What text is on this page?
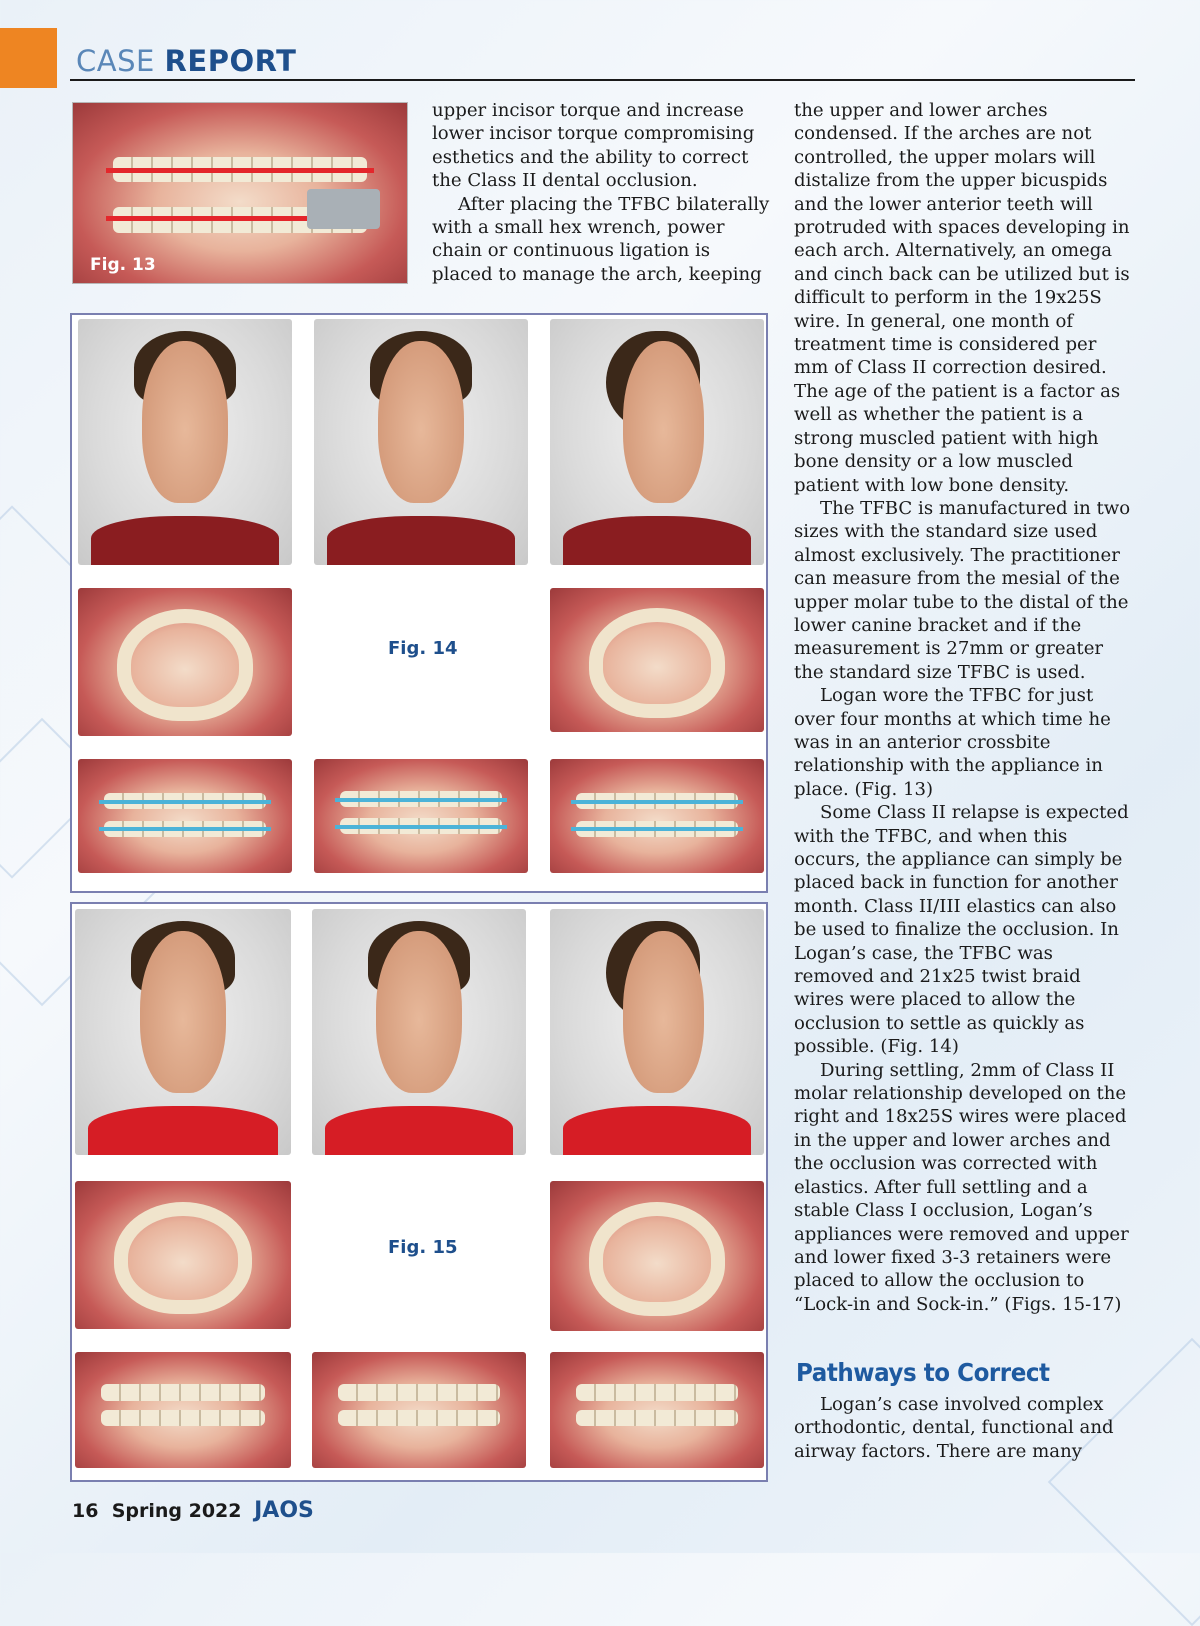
CASE REPORT
Fig. 13

upper incisor torque and increase lower incisor torque compromising esthetics and the ability to correct the Class II dental occlusion.

After placing the TFBC bilaterally with a small hex wrench, power chain or continuous ligation is placed to manage the arch, keeping

Fig. 14
Fig. 15

the upper and lower arches condensed. If the arches are not controlled, the upper molars will distalize from the upper bicuspids and the lower anterior teeth will protruded with spaces developing in each arch. Alternatively, an omega and cinch back can be utilized but is difficult to perform in the 19x25S wire. In general, one month of treatment time is considered per mm of Class II correction desired. The age of the patient is a factor as well as whether the patient is a strong muscled patient with high bone density or a low muscled patient with low bone density.

The TFBC is manufactured in two sizes with the standard size used almost exclusively. The practitioner can measure from the mesial of the upper molar tube to the distal of the lower canine bracket and if the measurement is 27mm or greater the standard size TFBC is used.

Logan wore the TFBC for just over four months at which time he was in an anterior crossbite relationship with the appliance in place. (Fig. 13)

Some Class II relapse is expected with the TFBC, and when this occurs, the appliance can simply be placed back in function for another month. Class II/III elastics can also be used to finalize the occlusion. In Logan’s case, the TFBC was removed and 21x25 twist braid wires were placed to allow the occlusion to settle as quickly as possible. (Fig. 14)

During settling, 2mm of Class II molar relationship developed on the right and 18x25S wires were placed in the upper and lower arches and the occlusion was corrected with elastics. After full settling and a stable Class I occlusion, Logan’s appliances were removed and upper and lower fixed 3-3 retainers were placed to allow the occlusion to “Lock-in and Sock-in.” (Figs. 15-17)

Pathways to Correct

Logan’s case involved complex orthodontic, dental, functional and airway factors. There are many

16 Spring 2022 JAOS
